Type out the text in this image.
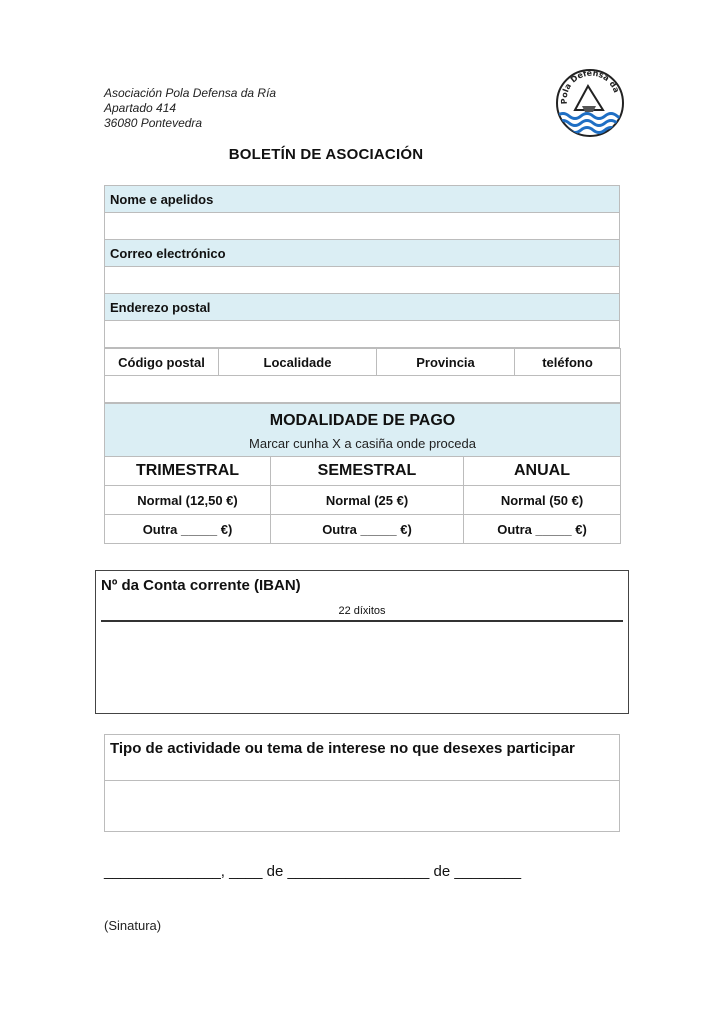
Asociación Pola Defensa da Ría
Apartado 414
36080 Pontevedra
Pola Defensa da
BOLETÍN DE ASOCIACIÓN
Nome e apelidos

Correo electrónico

Enderezo postal

Código postal	Localidade	Provincia	teléfono

MODALIDADE DE PAGO
Marcar cunha X a casiña onde proceda		

TRIMESTRAL	SEMESTRAL	ANUAL
Normal (12,50 €)	Normal (25 €)	Normal (50 €)
Outra _____ €)	Outra _____ €)	Outra _____ €)
Nº da Conta corrente (IBAN)
22 díxitos
Tipo de actividade ou tema de interese no que desexes participar
______________, ____ de _________________ de ________
(Sinatura)
